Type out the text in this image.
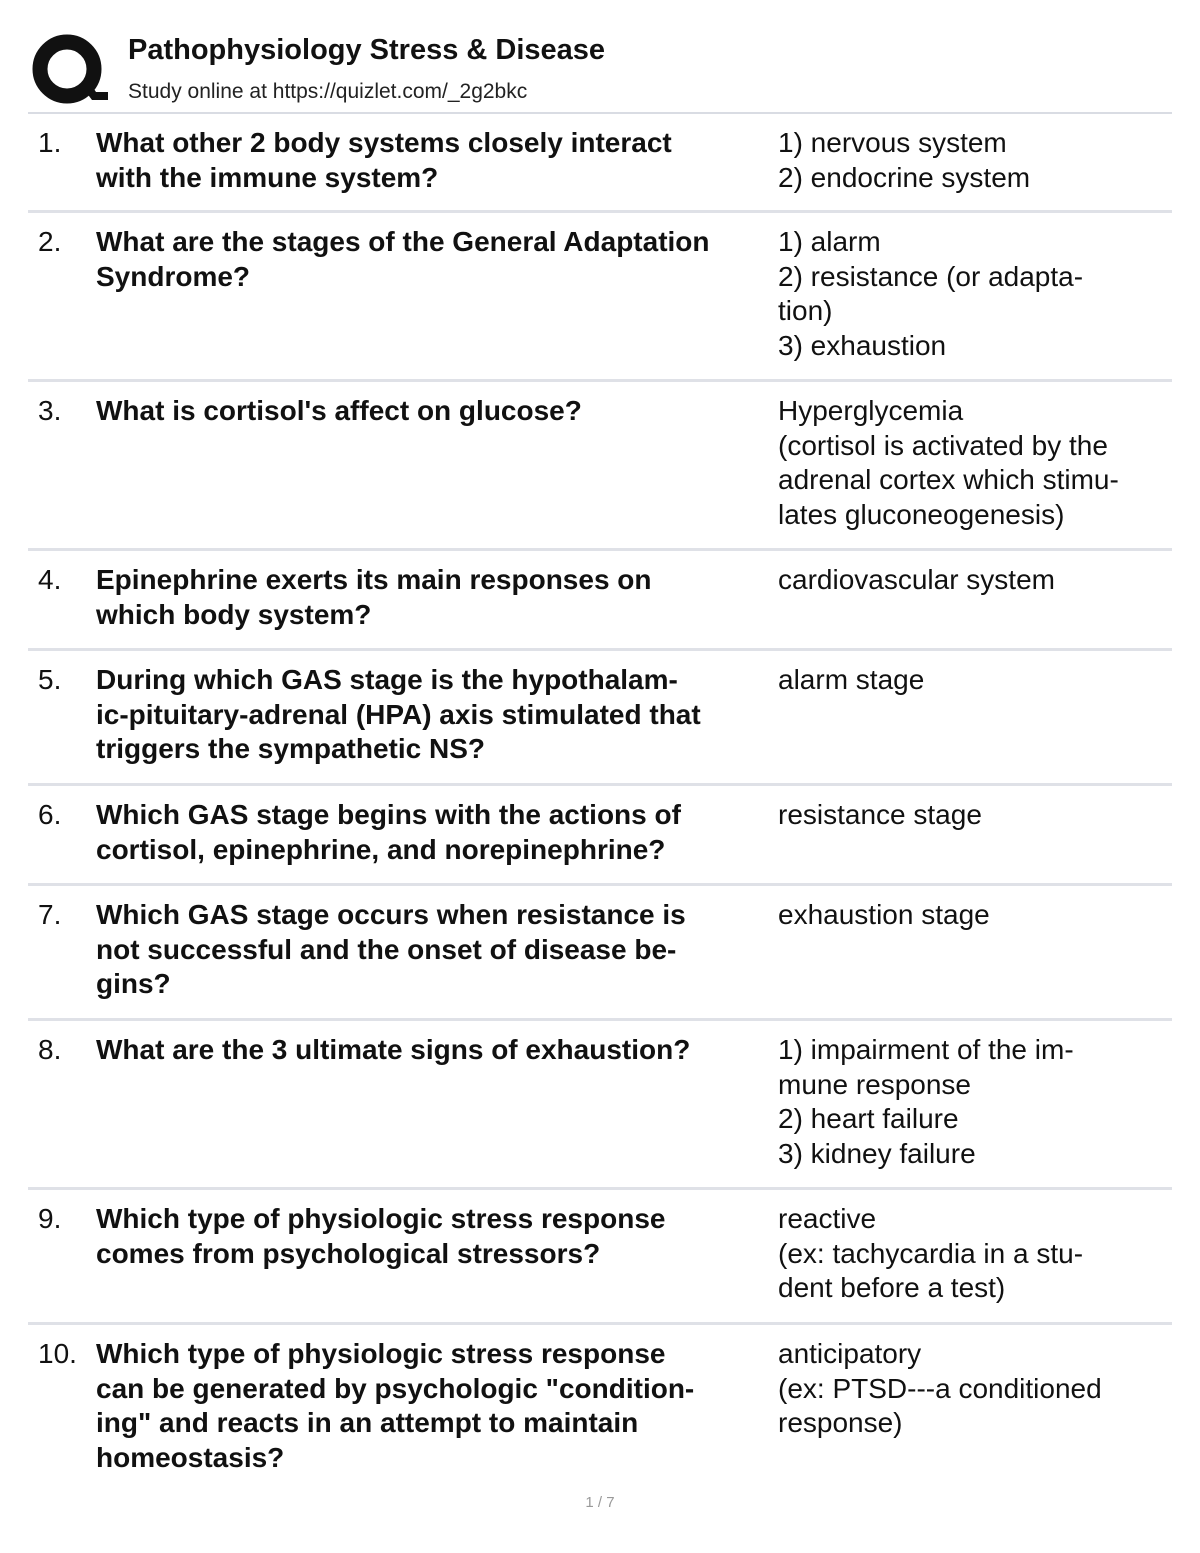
Pathophysiology Stress & Disease
Study online at https://quizlet.com/_2g2bkc
1. What other 2 body systems closely interact
with the immune system?
1) nervous system
2) endocrine system
2. What are the stages of the General Adaptation
Syndrome?
1) alarm
2) resistance (or adapta-
tion)
3) exhaustion
3. What is cortisol's affect on glucose?	Hyperglycemia
(cortisol is activated by the
adrenal cortex which stimu-
lates gluconeogenesis)
4. Epinephrine exerts its main responses on
which body system?
cardiovascular system
5. During which GAS stage is the hypothalam-
ic-pituitary-adrenal (HPA) axis stimulated that
triggers the sympathetic NS?
alarm stage
6. Which GAS stage begins with the actions of
cortisol, epinephrine, and norepinephrine?
resistance stage
7. Which GAS stage occurs when resistance is
not successful and the onset of disease be-
gins?
exhaustion stage
8. What are the 3 ultimate signs of exhaustion?	1) impairment of the im-
mune response
2) heart failure
3) kidney failure
9. Which type of physiologic stress response
comes from psychological stressors?
reactive
(ex: tachycardia in a stu-
dent before a test)
10. Which type of physiologic stress response
can be generated by psychologic "condition-
ing" and reacts in an attempt to maintain
homeostasis?
anticipatory
(ex: PTSD---a conditioned
response)
1 / 7
